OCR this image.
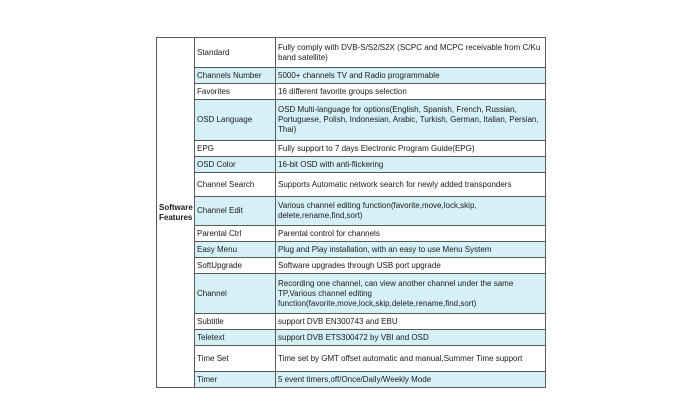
Software
Features	Standard	Fully comply with DVB-S/S2/S2X (SCPC and MCPC receivable from C/Ku band satellite)
	Channels Number	5000+ channels TV and Radio programmable
	Favorites	16 different favorite groups selection
	OSD Language	OSD Multi-language for options(English, Spanish, French, Russian, Portuguese, Polish, Indonesian, Arabic, Turkish, German, Italian, Persian, Thai)
	EPG	Fully support to 7 days Electronic Program Guide(EPG)
	OSD Color	16-bit OSD with anti-flickering
	Channel Search	Supports Automatic network search for newly added transponders
	Channel Edit	Various channel editing function(favorite,move,lock,skip, delete,rename,find,sort)
	Parental Ctrl	Parental control for channels
	Easy Menu	Plug and Play installation, with an easy to use Menu System
	SoftUpgrade	Software upgrades through USB port upgrade
	Channel	Recording one channel, can view another channel under the same TP,Various channel editing function(favorite,move,lock,skip,delete,rename,find,sort)
	Subtitle	support DVB EN300743 and EBU
	Teletext	support DVB ETS300472 by VBI and OSD
	Time Set	Time set by GMT offset automatic and manual,Summer Time support
	Timer	5 event timers,off/Once/Daily/Weekly Mode
